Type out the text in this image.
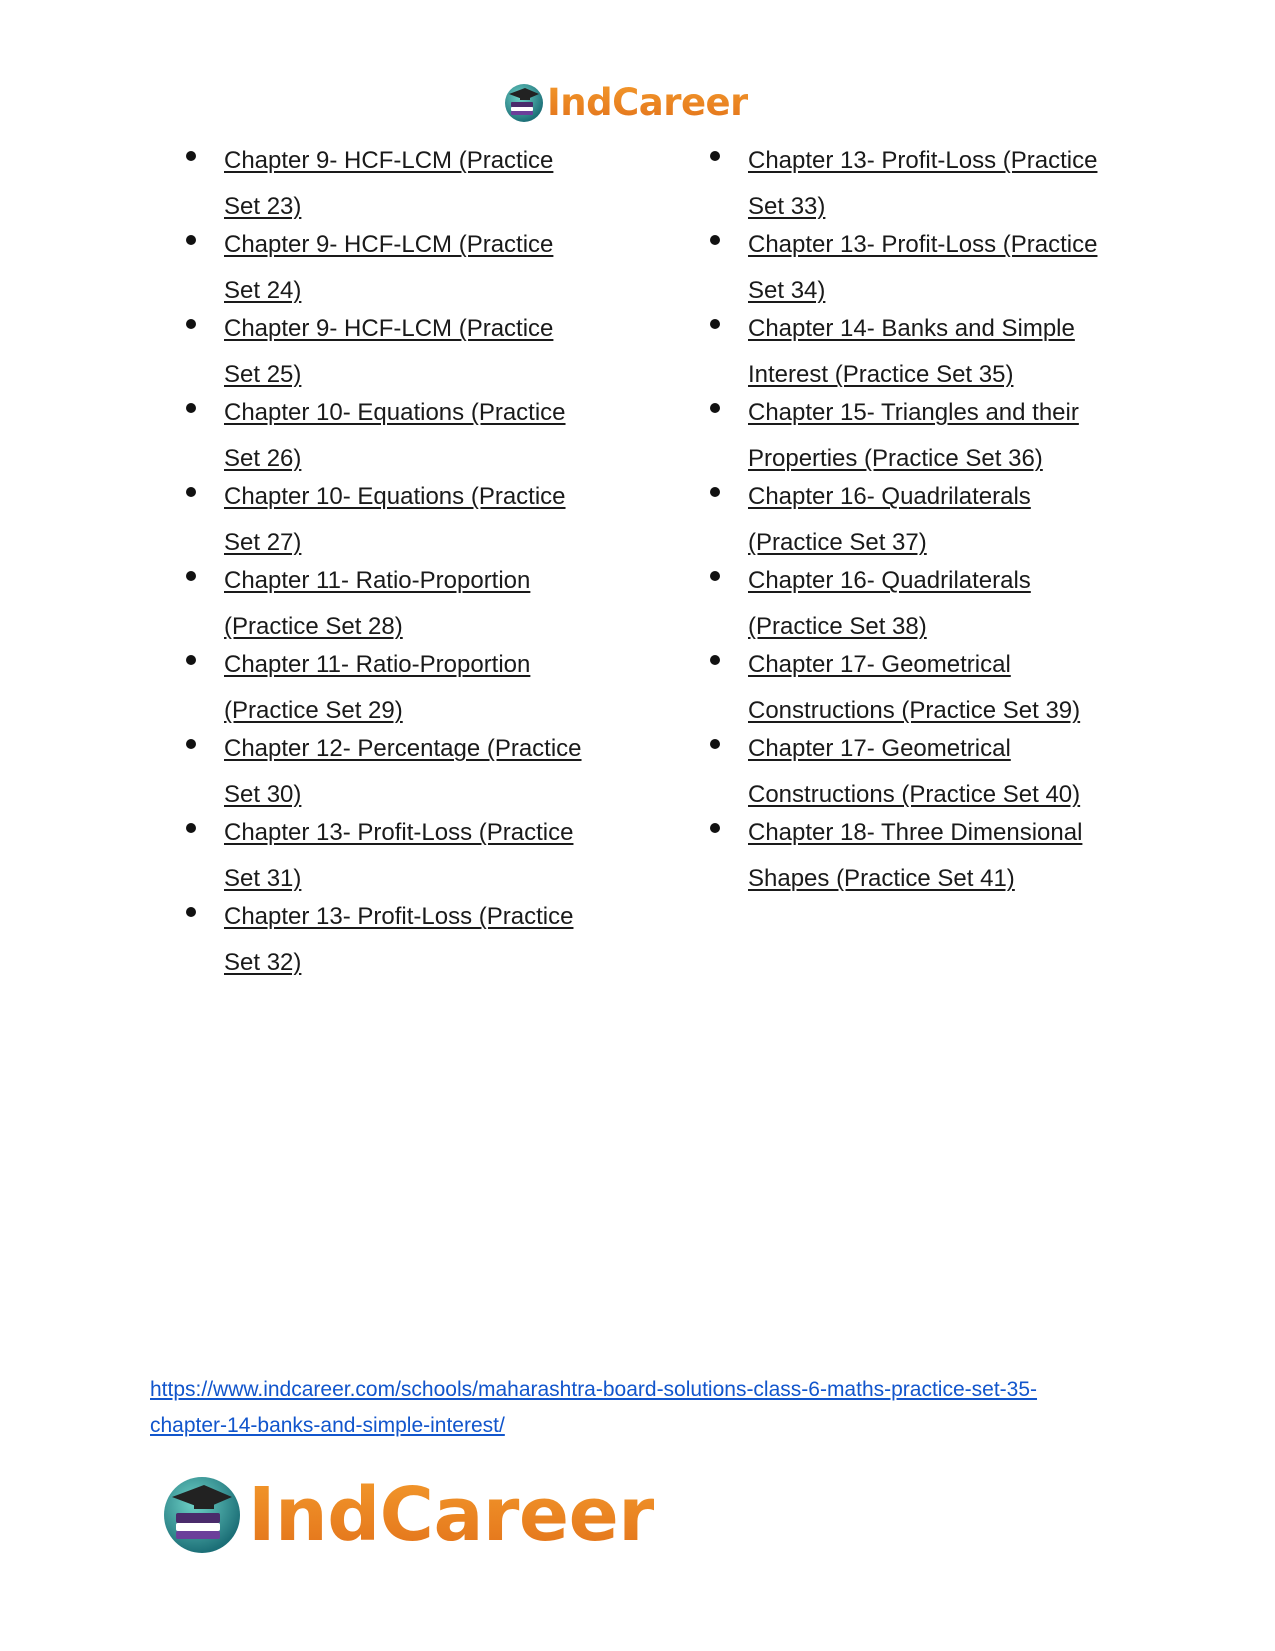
IndCareer
Chapter 9- HCF-LCM (Practice
Set 23)
Chapter 9- HCF-LCM (Practice
Set 24)
Chapter 9- HCF-LCM (Practice
Set 25)
Chapter 10- Equations (Practice
Set 26)
Chapter 10- Equations (Practice
Set 27)
Chapter 11- Ratio-Proportion
(Practice Set 28)
Chapter 11- Ratio-Proportion
(Practice Set 29)
Chapter 12- Percentage (Practice
Set 30)
Chapter 13- Profit-Loss (Practice
Set 31)
Chapter 13- Profit-Loss (Practice
Set 32)
Chapter 13- Profit-Loss (Practice
Set 33)
Chapter 13- Profit-Loss (Practice
Set 34)
Chapter 14- Banks and Simple
Interest (Practice Set 35)
Chapter 15- Triangles and their
Properties (Practice Set 36)
Chapter 16- Quadrilaterals
(Practice Set 37)
Chapter 16- Quadrilaterals
(Practice Set 38)
Chapter 17- Geometrical
Constructions (Practice Set 39)
Chapter 17- Geometrical
Constructions (Practice Set 40)
Chapter 18- Three Dimensional
Shapes (Practice Set 41)
https://www.indcareer.com/schools/maharashtra-board-solutions-class-6-maths-practice-set-35-
chapter-14-banks-and-simple-interest/
IndCareer
